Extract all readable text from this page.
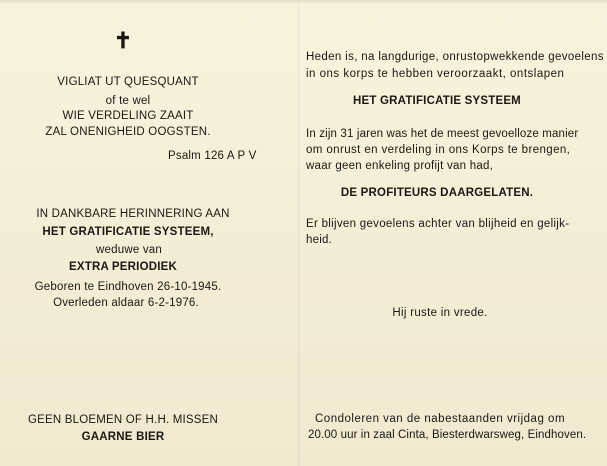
✝
VIGLIAT UT QUESQUANT
of te wel
WIE VERDELING ZAAIT
ZAL ONENIGHEID OOGSTEN.
Psalm 126 A P V
IN DANKBARE HERINNERING AAN
HET GRATIFICATIE SYSTEEM,
weduwe van
EXTRA PERIODIEK
Geboren te Eindhoven 26-10-1945.
Overleden aldaar 6-2-1976.
GEEN BLOEMEN OF H.H. MISSEN
GAARNE BIER
Heden is, na langdurige, onrustopwekkende gevoelens
in ons korps te hebben veroorzaakt, ontslapen
HET GRATIFICATIE SYSTEEM
In zijn 31 jaren was het de meest gevoelloze manier
om onrust en verdeling in ons Korps te brengen,
waar geen enkeling profijt van had,
DE PROFITEURS DAARGELATEN.
Er blijven gevoelens achter van blijheid en gelijk-
heid.
Hij ruste in vrede.
Condoleren van de nabestaanden vrijdag om
20.00 uur in zaal Cinta, Biesterdwarsweg, Eindhoven.
